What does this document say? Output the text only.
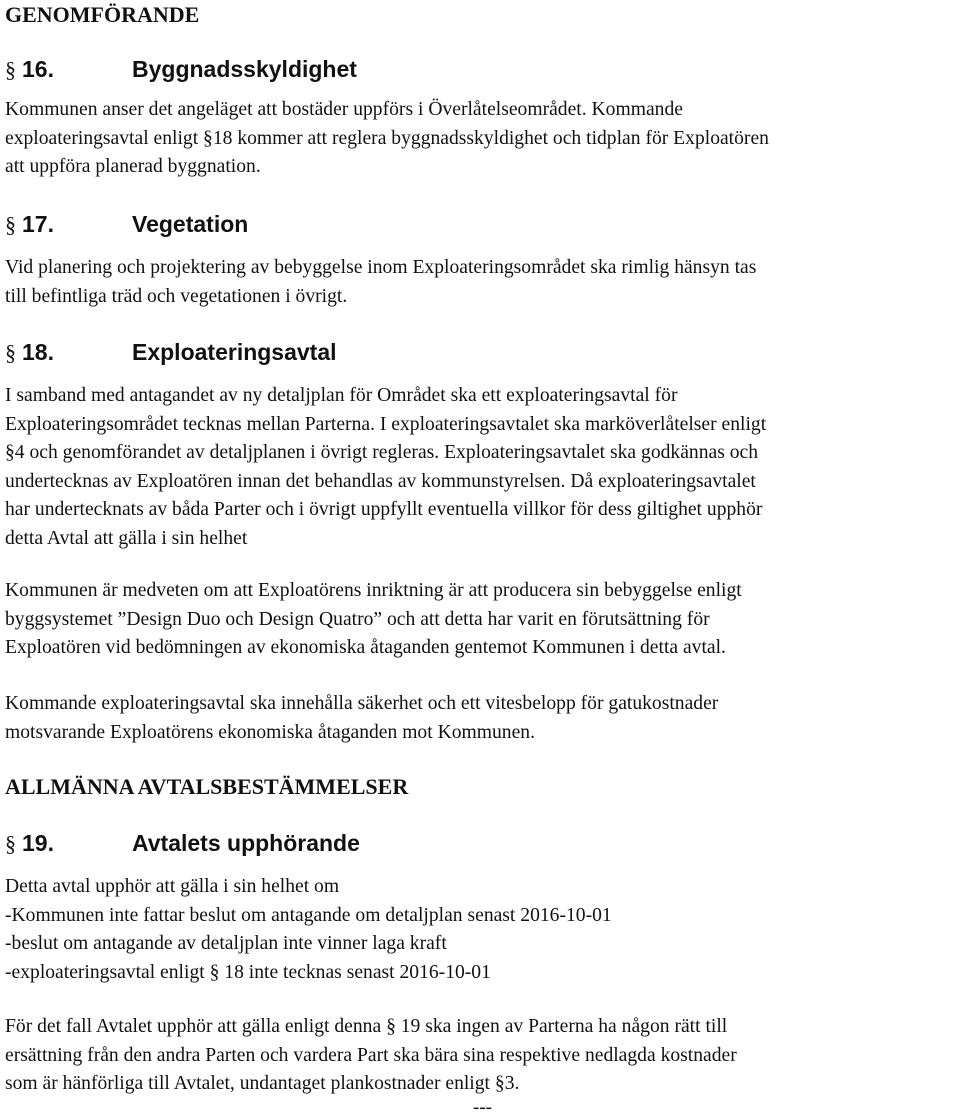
GENOMFÖRANDE
§ 16.	Byggnadsskyldighet
Kommunen anser det angeläget att bostäder uppförs i Överlåtelseområdet. Kommande
exploateringsavtal enligt §18 kommer att reglera byggnadsskyldighet och tidplan för Exploatören
att uppföra planerad byggnation.
§ 17.	Vegetation
Vid planering och projektering av bebyggelse inom Exploateringsområdet ska rimlig hänsyn tas
till befintliga träd och vegetationen i övrigt.
§ 18.	Exploateringsavtal
I samband med antagandet av ny detaljplan för Området ska ett exploateringsavtal för
Exploateringsområdet tecknas mellan Parterna. I exploateringsavtalet ska marköverlåtelser enligt
§4 och genomförandet av detaljplanen i övrigt regleras. Exploateringsavtalet ska godkännas och
undertecknas av Exploatören innan det behandlas av kommunstyrelsen. Då exploateringsavtalet
har undertecknats av båda Parter och i övrigt uppfyllt eventuella villkor för dess giltighet upphör
detta Avtal att gälla i sin helhet
Kommunen är medveten om att Exploatörens inriktning är att producera sin bebyggelse enligt
byggsystemet ”Design Duo och Design Quatro” och att detta har varit en förutsättning för
Exploatören vid bedömningen av ekonomiska åtaganden gentemot Kommunen i detta avtal.
Kommande exploateringsavtal ska innehålla säkerhet och ett vitesbelopp för gatukostnader
motsvarande Exploatörens ekonomiska åtaganden mot Kommunen.
ALLMÄNNA AVTALSBESTÄMMELSER
§ 19.	Avtalets upphörande
Detta avtal upphör att gälla i sin helhet om
-Kommunen inte fattar beslut om antagande om detaljplan senast 2016-10-01
-beslut om antagande av detaljplan inte vinner laga kraft
-exploateringsavtal enligt § 18 inte tecknas senast 2016-10-01
För det fall Avtalet upphör att gälla enligt denna § 19 ska ingen av Parterna ha någon rätt till
ersättning från den andra Parten och vardera Part ska bära sina respektive nedlagda kostnader
som är hänförliga till Avtalet, undantaget plankostnader enligt §3.
---
